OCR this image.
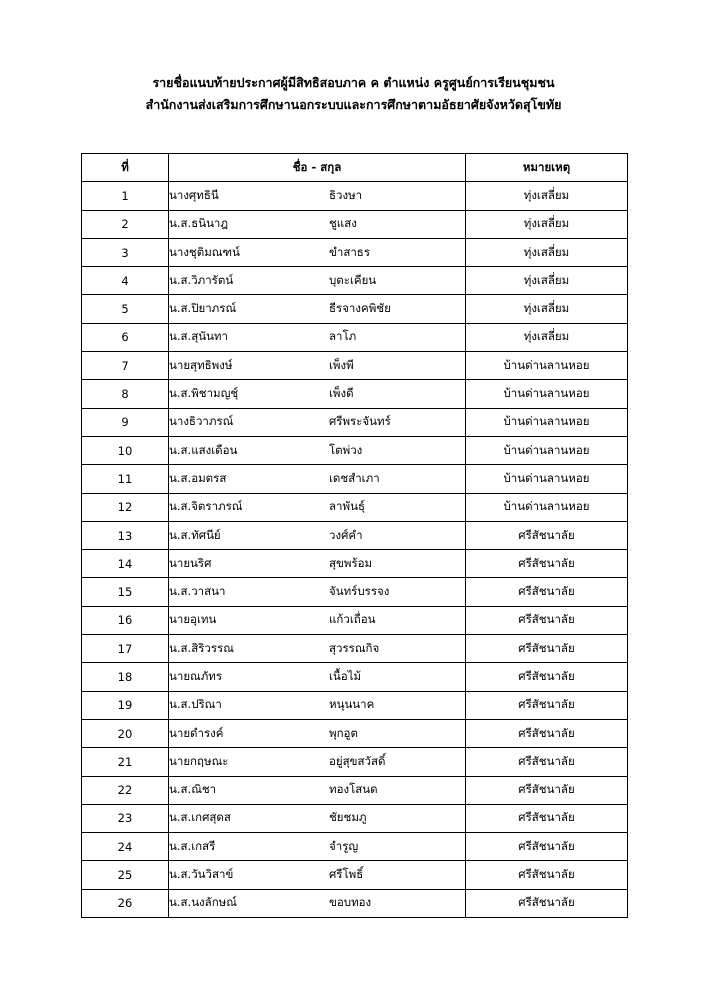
รายชื่อแนบท้ายประกาศผู้มีสิทธิสอบภาค ค ตำแหน่ง ครูศูนย์การเรียนชุมชน
สำนักงานส่งเสริมการศึกษานอกระบบและการศึกษาตามอัธยาศัยจังหวัดสุโขทัย
ที่	ชื่อ - สกุล	หมายเหตุ
1	นางศุทธินี ธิวงษา	ทุ่งเสลี่ยม
2	น.ส.ธนินาฎ ชูแสง	ทุ่งเสลี่ยม
3	นางชุติมณฑน์ ขำสาธร	ทุ่งเสลี่ยม
4	น.ส.วิภารัตน์ บุตะเคียน	ทุ่งเสลี่ยม
5	น.ส.ปิยาภรณ์ ธีรจางคพิชัย	ทุ่งเสลี่ยม
6	น.ส.สุนันทา ลาโภ	ทุ่งเสลี่ยม
7	นายสุทธิพงษ์ เพ็งพี	บ้านด่านลานหอย
8	น.ส.พิชามญชุ์ เพ็งดี	บ้านด่านลานหอย
9	นางธิวาภรณ์ ศรีพระจันทร์	บ้านด่านลานหอย
10	น.ส.แสงเดือน โตพ่วง	บ้านด่านลานหอย
11	น.ส.อมตรส เดชสำเภา	บ้านด่านลานหอย
12	น.ส.จิตราภรณ์ ลาพันธุ์	บ้านด่านลานหอย
13	น.ส.ทัศนีย์ วงศ์คำ	ศรีสัชนาลัย
14	นายนริศ สุขพร้อม	ศรีสัชนาลัย
15	น.ส.วาสนา จันทร์บรรจง	ศรีสัชนาลัย
16	นายอุเทน แก้วเถื่อน	ศรีสัชนาลัย
17	น.ส.สิริวรรณ สุวรรณกิจ	ศรีสัชนาลัย
18	นายณภัทร เนื้อไม้	ศรีสัชนาลัย
19	น.ส.ปริณา หนุนนาค	ศรีสัชนาลัย
20	นายดำรงค์ พุกอูต	ศรีสัชนาลัย
21	นายกฤษณะ อยู่สุขสวัสดิ์	ศรีสัชนาลัย
22	น.ส.ณิชา ทองโสนด	ศรีสัชนาลัย
23	น.ส.เกศสุดส ชัยชมภู	ศรีสัชนาลัย
24	น.ส.เกสรี จำรูญ	ศรีสัชนาลัย
25	น.ส.วันวิสาข์ ศรีโพธิ์	ศรีสัชนาลัย
26	น.ส.นงลักษณ์ ขอบทอง	ศรีสัชนาลัย
